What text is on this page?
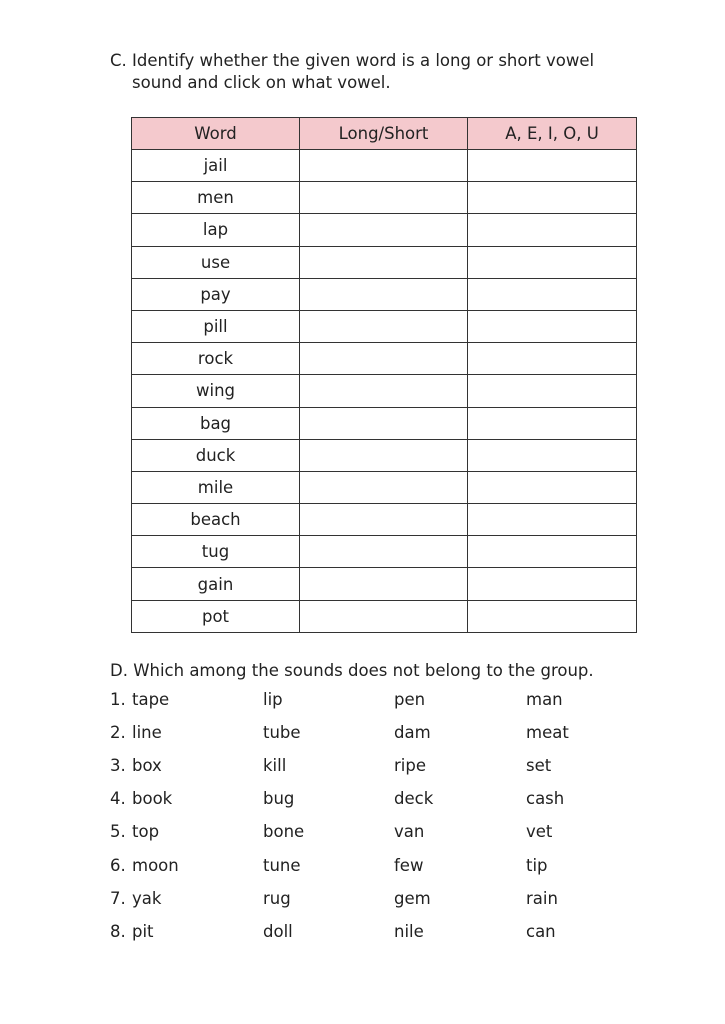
C. Identify whether the given word is a long or short vowel
sound and click on what vowel.
Word	Long/Short	A, E, I, O, U
jail		
men		
lap		
use		
pay		
pill		
rock		
wing		
bag		
duck		
mile		
beach		
tug		
gain		
pot		
D. Which among the sounds does not belong to the group.
1. tape	lip	pen	man
2. line	tube	dam	meat
3. box	kill	ripe	set
4. book	bug	deck	cash
5. top	bone	van	vet
6. moon	tune	few	tip
7. yak	rug	gem	rain
8. pit	doll	nile	can
